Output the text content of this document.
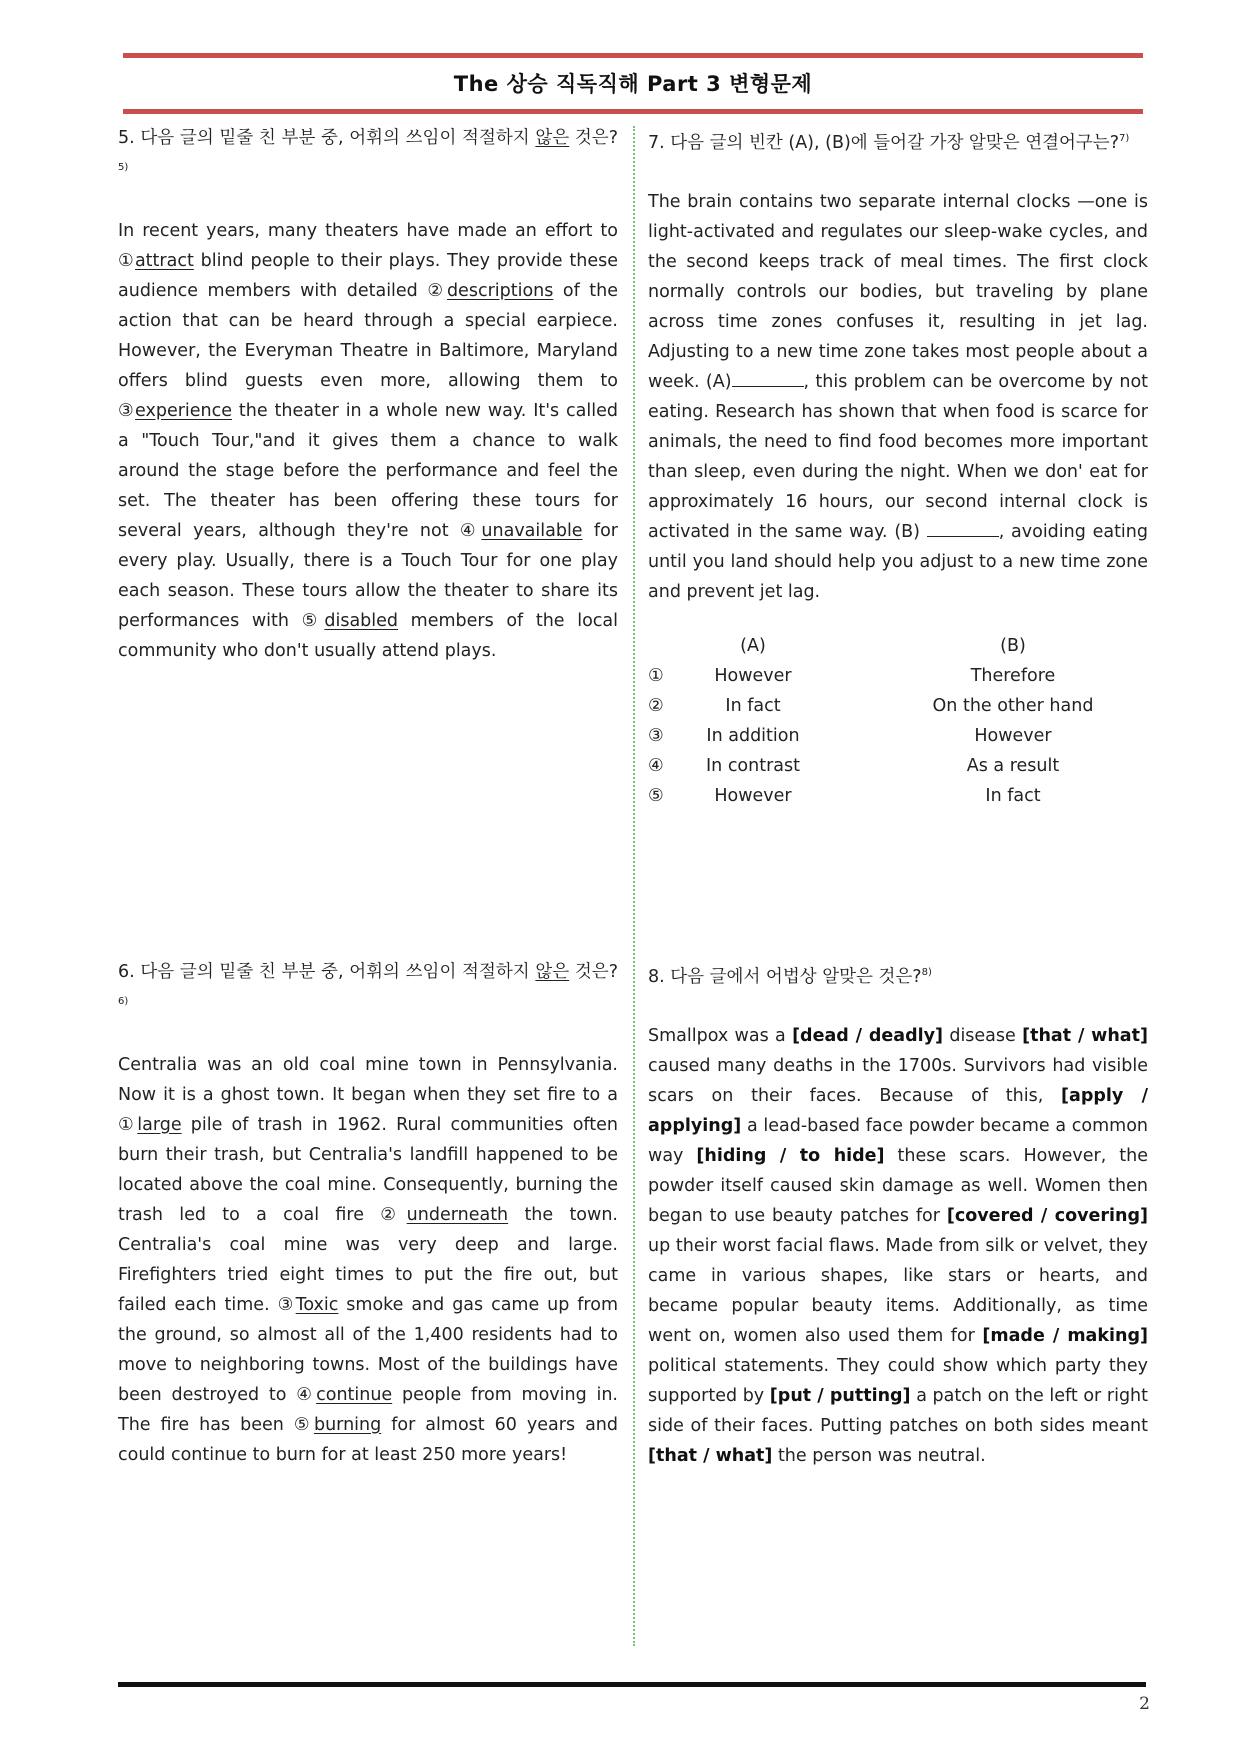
The 상승 직독직해 Part 3 변형문제
5. 다음 글의 밑줄 친 부분 중, 어휘의 쓰임이 적절하지 않은 것은?$^{5)}$
In recent years, many theaters have made an effort to ①attract blind people to their plays. They provide these audience members with detailed ②descriptions of the action that can be heard through a special earpiece. However, the Everyman Theatre in Baltimore, Maryland offers blind guests even more, allowing them to ③experience the theater in a whole new way. It's called a "Touch Tour,"and it gives them a chance to walk around the stage before the performance and feel the set. The theater has been offering these tours for several years, although they're not ④unavailable for every play. Usually, there is a Touch Tour for one play each season. These tours allow the theater to share its performances with ⑤disabled members of the local community who don't usually attend plays.
7. 다음 글의 빈칸 (A), (B)에 들어갈 가장 알맞은 연결어구는?$^{7)}$
The brain contains two separate internal clocks —one is light-activated and regulates our sleep-wake cycles, and the second keeps track of meal times. The first clock normally controls our bodies, but traveling by plane across time zones confuses it, resulting in jet lag. Adjusting to a new time zone takes most people about a week. (A)	, this problem can be overcome by not eating. Research has shown that when food is scarce for animals, the need to find food becomes more important than sleep, even during the night. When we don' eat for approximately 16 hours, our second internal clock is activated in the same way. (B)	, avoiding eating until you land should help you adjust to a new time zone and prevent jet lag.
(A)	(B)
①	However	Therefore
②	In fact	On the other hand
③	In addition	However
④	In contrast	As a result
⑤	However	In fact
6. 다음 글의 밑줄 친 부분 중, 어휘의 쓰임이 적절하지 않은 것은?$^{6)}$
Centralia was an old coal mine town in Pennsylvania. Now it is a ghost town. It began when they set fire to a ①large pile of trash in 1962. Rural communities often burn their trash, but Centralia's landfill happened to be located above the coal mine. Consequently, burning the trash led to a coal fire ②underneath the town. Centralia's coal mine was very deep and large. Firefighters tried eight times to put the fire out, but failed each time. ③Toxic smoke and gas came up from the ground, so almost all of the 1,400 residents had to move to neighboring towns. Most of the buildings have been destroyed to ④continue people from moving in. The fire has been ⑤burning for almost 60 years and could continue to burn for at least 250 more years!
8. 다음 글에서 어법상 알맞은 것은?$^{8)}$
Smallpox was a [dead / deadly] disease [that / what] caused many deaths in the 1700s. Survivors had visible scars on their faces. Because of this, [apply / applying] a lead-based face powder became a common way [hiding / to hide] these scars. However, the powder itself caused skin damage as well. Women then began to use beauty patches for [covered / covering] up their worst facial flaws. Made from silk or velvet, they came in various shapes, like stars or hearts, and became popular beauty items. Additionally, as time went on, women also used them for [made / making] political statements. They could show which party they supported by [put / putting] a patch on the left or right side of their faces. Putting patches on both sides meant [that / what] the person was neutral.
2
